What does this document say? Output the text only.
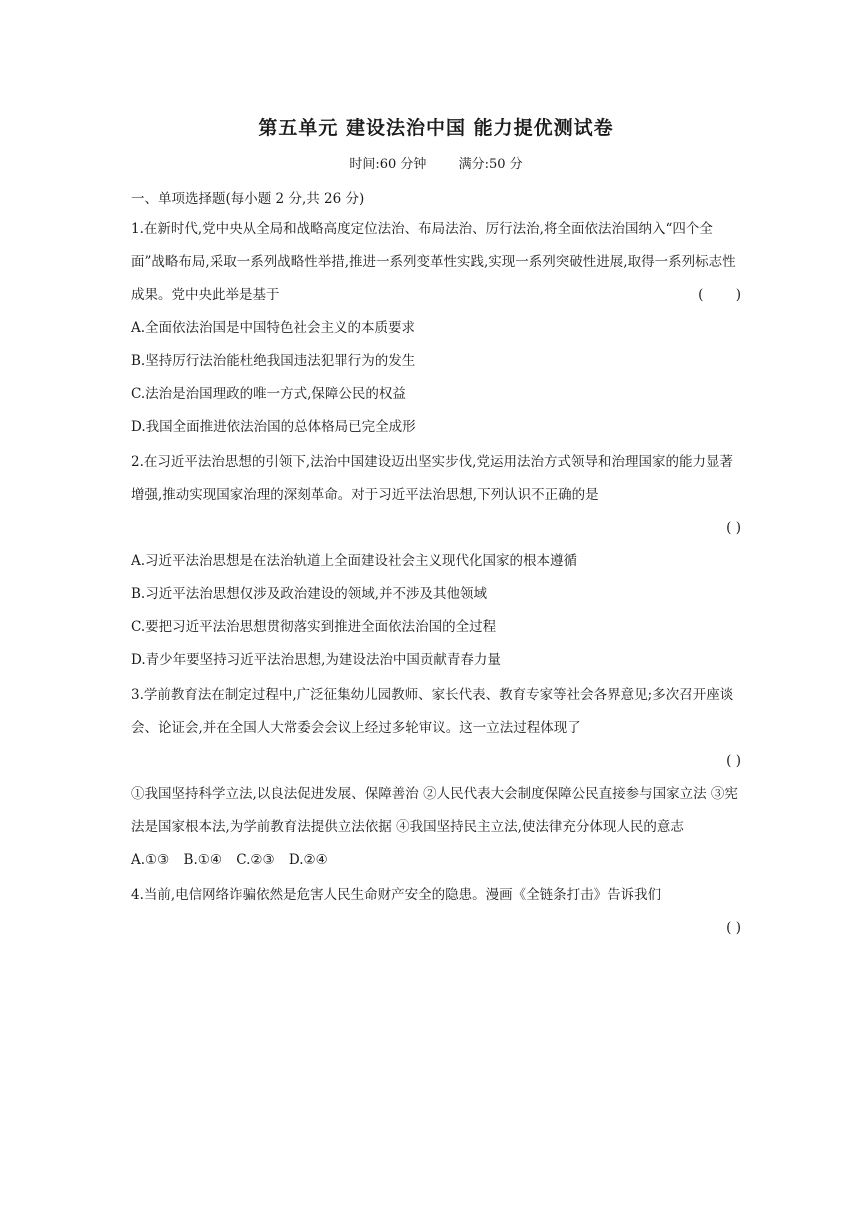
第五单元 建设法治中国 能力提优测试卷
时间:60 分钟 满分:50 分
一、单项选择题(每小题 2 分,共 26 分)

1.在新时代,党中央从全局和战略高度定位法治、布局法治、厉行法治,将全面依法治国纳入“四个全面”战略布局,采取一系列战略性举措,推进一系列变革性实践,实现一系列突破性进展,取得一系列标志性成果。党中央此举是基于	( )

A.全面依法治国是中国特色社会主义的本质要求

B.坚持厉行法治能杜绝我国违法犯罪行为的发生

C.法治是治国理政的唯一方式,保障公民的权益

D.我国全面推进依法治国的总体格局已完全成形

2.在习近平法治思想的引领下,法治中国建设迈出坚实步伐,党运用法治方式领导和治理国家的能力显著增强,推动实现国家治理的深刻革命。对于习近平法治思想,下列认识不正确的是

( )

A.习近平法治思想是在法治轨道上全面建设社会主义现代化国家的根本遵循

B.习近平法治思想仅涉及政治建设的领域,并不涉及其他领域

C.要把习近平法治思想贯彻落实到推进全面依法治国的全过程

D.青少年要坚持习近平法治思想,为建设法治中国贡献青春力量

3.学前教育法在制定过程中,广泛征集幼儿园教师、家长代表、教育专家等社会各界意见;多次召开座谈会、论证会,并在全国人大常委会会议上经过多轮审议。这一立法过程体现了

( )

①我国坚持科学立法,以良法促进发展、保障善治 ②人民代表大会制度保障公民直接参与国家立法 ③宪法是国家根本法,为学前教育法提供立法依据 ④我国坚持民主立法,使法律充分体现人民的意志

A.①③ B.①④ C.②③ D.②④

4.当前,电信网络诈骗依然是危害人民生命财产安全的隐患。漫画《全链条打击》告诉我们

( )
